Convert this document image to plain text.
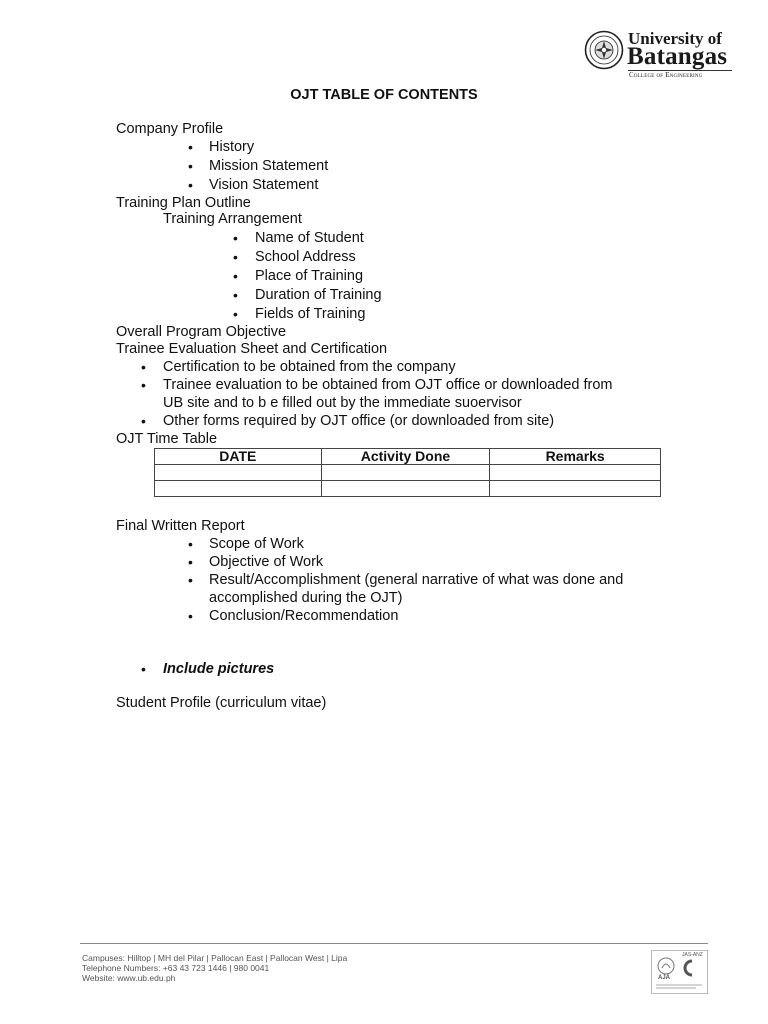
University of
Batangas
College of Engineering
OJT TABLE OF CONTENTS
Company Profile
• History
• Mission Statement
• Vision Statement
Training Plan Outline
Training Arrangement
• Name of Student
• School Address
• Place of Training
• Duration of Training
• Fields of Training
Overall Program Objective
Trainee Evaluation Sheet and Certification
• Certification to be obtained from the company
• Trainee evaluation to be obtained from OJT office or downloaded from
UB site and to b e filled out by the immediate suoervisor
• Other forms required by OJT office (or downloaded from site)
OJT Time Table
DATE	Activity Done	Remarks

Final Written Report
• Scope of Work
• Objective of Work
• Result/Accomplishment (general narrative of what was done and
accomplished during the OJT)
• Conclusion/Recommendation
• Include pictures
Student Profile (curriculum vitae)
Campuses: Hilltop | MH del Pilar | Pallocan East | Pallocan West | Lipa
Telephone Numbers: +63 43 723 1446 | 980 0041
Website: www.ub.edu.ph
JAS-ANZ
AJA
